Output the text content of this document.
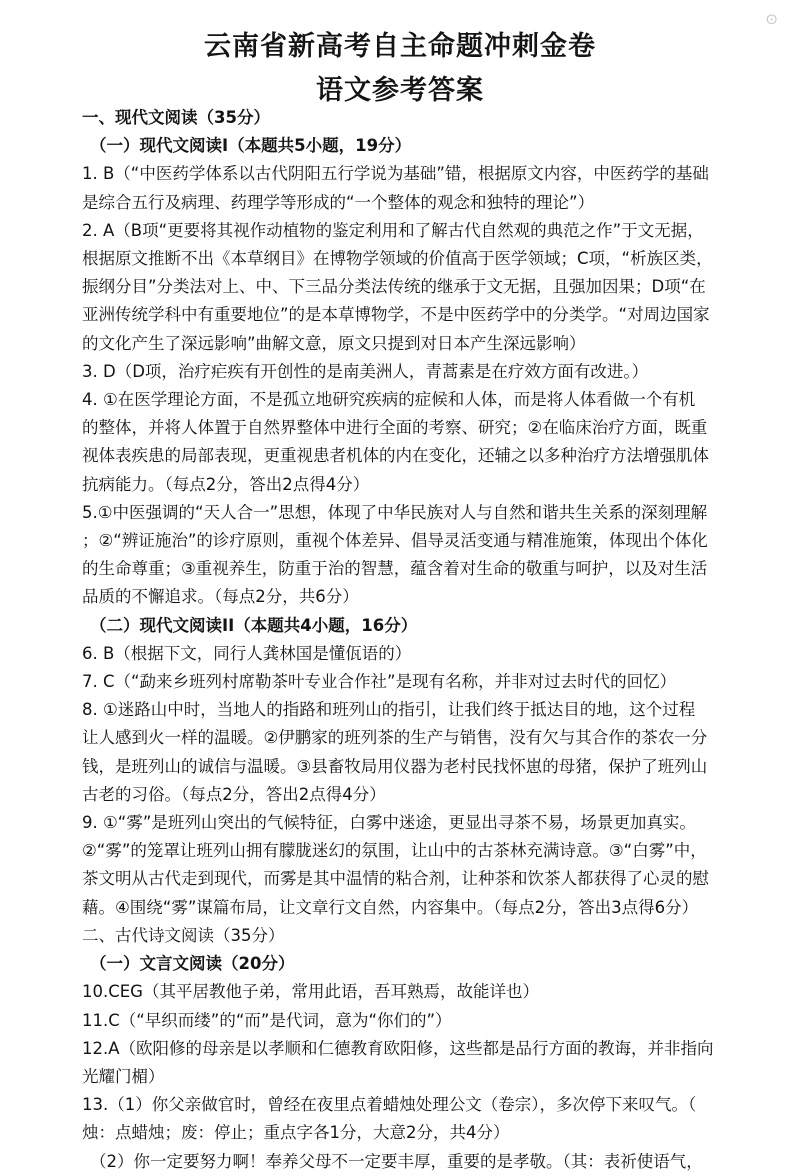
⊙
云南省新高考自主命题冲刺金卷
语文参考答案

一、现代文阅读（35分）

（一）现代文阅读I（本题共5小题，19分）

1. B（“中医药学体系以古代阴阳五行学说为基础”错，根据原文内容，中医药学的基础

是综合五行及病理、药理学等形成的“一个整体的观念和独特的理论”）

2. A（B项“更要将其视作动植物的鉴定利用和了解古代自然观的典范之作”于文无据，

根据原文推断不出《本草纲目》在博物学领域的价值高于医学领域；C项，“析族区类，

振纲分目”分类法对上、中、下三品分类法传统的继承于文无据，且强加因果；D项“在

亚洲传统学科中有重要地位”的是本草博物学，不是中医药学中的分类学。“对周边国家

的文化产生了深远影响”曲解文意，原文只提到对日本产生深远影响）

3. D（D项，治疗疟疾有开创性的是南美洲人，青蒿素是在疗效方面有改进。）

4. ①在医学理论方面，不是孤立地研究疾病的症候和人体，而是将人体看做一个有机

的整体，并将人体置于自然界整体中进行全面的考察、研究；②在临床治疗方面，既重

视体表疾患的局部表现，更重视患者机体的内在变化，还辅之以多种治疗方法增强肌体

抗病能力。（每点2分，答出2点得4分）

5.①中医强调的“天人合一”思想，体现了中华民族对人与自然和谐共生关系的深刻理解

；②“辨证施治”的诊疗原则，重视个体差异、倡导灵活变通与精准施策，体现出个体化

的生命尊重；③重视养生，防重于治的智慧，蕴含着对生命的敬重与呵护，以及对生活

品质的不懈追求。（每点2分，共6分）

（二）现代文阅读II（本题共4小题，16分）

6. B（根据下文，同行人龚林国是懂佤语的）

7. C（“勐来乡班列村席勒茶叶专业合作社”是现有名称，并非对过去时代的回忆）

8. ①迷路山中时，当地人的指路和班列山的指引，让我们终于抵达目的地，这个过程

让人感到火一样的温暖。②伊鹏家的班列茶的生产与销售，没有欠与其合作的茶农一分

钱，是班列山的诚信与温暖。③县畜牧局用仪器为老村民找怀崽的母猪，保护了班列山

古老的习俗。（每点2分，答出2点得4分）

9. ①“雾”是班列山突出的气候特征，白雾中迷途，更显出寻茶不易，场景更加真实。

②“雾”的笼罩让班列山拥有朦胧迷幻的氛围，让山中的古茶林充满诗意。③“白雾”中，

茶文明从古代走到现代，而雾是其中温情的粘合剂，让种茶和饮茶人都获得了心灵的慰

藉。④围绕“雾”谋篇布局，让文章行文自然，内容集中。（每点2分，答出3点得6分）

二、古代诗文阅读（35分）

（一）文言文阅读（20分）

10.CEG（其平居教他子弟，常用此语，吾耳熟焉，故能详也）

11.C（“早织而缕”的“而”是代词，意为“你们的”）

12.A（欧阳修的母亲是以孝顺和仁德教育欧阳修，这些都是品行方面的教诲，并非指向

光耀门楣）

13.（1）你父亲做官时，曾经在夜里点着蜡烛处理公文（卷宗），多次停下来叹气。（

烛：点蜡烛；废：停止；重点字各1分，大意2分，共4分）

（2）你一定要努力啊！奉养父母不一定要丰厚，重要的是孝敬。（其：表祈使语气，
